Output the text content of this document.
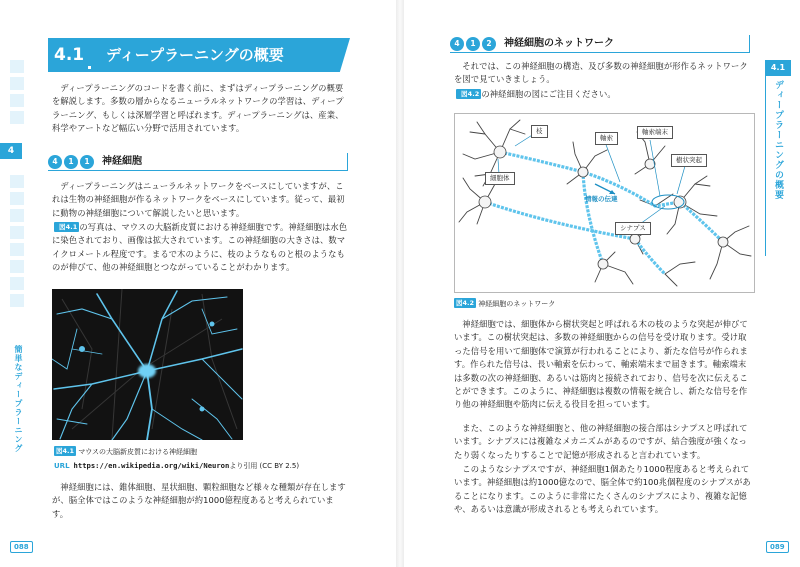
4
簡単なディープラーニング
088
4.1	ディープラーニングの概要
ディープラーニングのコードを書く前に、まずはディープラーニングの概要を解説します。多数の層からなるニューラルネットワークの学習は、ディープラーニング、もしくは深層学習と呼ばれます。ディープラーニングは、産業、科学やアートなど幅広い分野で活用されています。
4	1	1	神経細胞
ディープラーニングはニューラルネットワークをベースにしていますが、これは生物の神経細胞が作るネットワークをベースにしています。従って、最初に動物の神経細胞について解説したいと思います。
図4.1 の写真は、マウスの大脳新皮質における神経細胞です。神経細胞は水色に染色されており、画像は拡大されています。この神経細胞の大きさは、数マイクロメートル程度です。まるで木のように、枝のようなものと根のようなものが伸びて、他の神経細胞とつながっていることがわかります。
図4.1 マウスの大脳新皮質における神経細胞
URL https://en.wikipedia.org/wiki/Neuronより引用 (CC BY 2.5)
神経細胞には、錐体細胞、星状細胞、顆粒細胞など様々な種類が存在しますが、脳全体ではこのような神経細胞が約1000億程度あると考えられています。
089
4.1
ディープラーニングの概要
4	1	2	神経細胞のネットワーク
それでは、この神経細胞の構造、及び多数の神経細胞が形作るネットワークを図で見ていきましょう。
図4.2 の神経細胞の図にご注目ください。
枝
軸索
軸索端末
樹状突起
細胞体
情報の伝達
シナプス
図4.2 神経細胞のネットワーク
神経細胞では、細胞体から樹状突起と呼ばれる木の枝のような突起が伸びています。この樹状突起は、多数の神経細胞からの信号を受け取ります。受け取った信号を用いて細胞体で演算が行われることにより、新たな信号が作られます。作られた信号は、長い軸索を伝わって、軸索端末まで届きます。軸索端末は多数の次の神経細胞、あるいは筋肉と接続されており、信号を次に伝えることができます。このように、神経細胞は複数の情報を統合し、新たな信号を作り他の神経細胞や筋肉に伝える役目を担っています。
また、このような神経細胞と、他の神経細胞の接合部はシナプスと呼ばれています。シナプスには複雑なメカニズムがあるのですが、結合強度が強くなったり弱くなったりすることで記憶が形成されると言われています。
このようなシナプスですが、神経細胞1個あたり1000程度あると考えられています。神経細胞は約1000億なので、脳全体で約100兆個程度のシナプスがあることになります。このように非常にたくさんのシナプスにより、複雑な記憶や、あるいは意識が形成されるとも考えられています。
